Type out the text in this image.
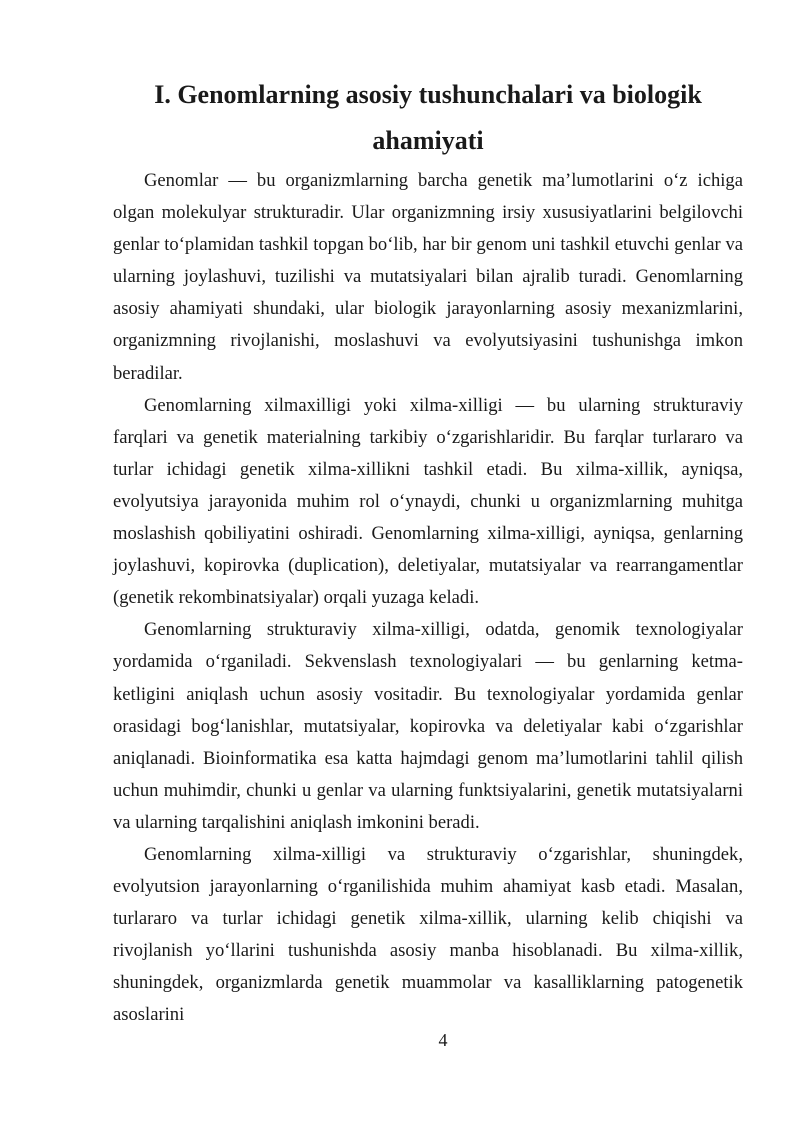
I. Genomlarning asosiy tushunchalari va biologik ahamiyati

Genomlar — bu organizmlarning barcha genetik ma’lumotlarini o‘z ichiga olgan molekulyar strukturadir. Ular organizmning irsiy xususiyatlarini belgilovchi genlar to‘plamidan tashkil topgan bo‘lib, har bir genom uni tashkil etuvchi genlar va ularning joylashuvi, tuzilishi va mutatsiyalari bilan ajralib turadi. Genomlarning asosiy ahamiyati shundaki, ular biologik jarayonlarning asosiy mexanizmlarini, organizmning rivojlanishi, moslashuvi va evolyutsiyasini tushunishga imkon beradilar.

Genomlarning xilmaxilligi yoki xilma-xilligi — bu ularning strukturaviy farqlari va genetik materialning tarkibiy o‘zgarishlaridir. Bu farqlar turlararo va turlar ichidagi genetik xilma-xillikni tashkil etadi. Bu xilma-xillik, ayniqsa, evolyutsiya jarayonida muhim rol o‘ynaydi, chunki u organizmlarning muhitga moslashish qobiliyatini oshiradi. Genomlarning xilma-xilligi, ayniqsa, genlarning joylashuvi, kopirovka (duplication), deletiyalar, mutatsiyalar va rearrangamentlar (genetik rekombinatsiyalar) orqali yuzaga keladi.

Genomlarning strukturaviy xilma-xilligi, odatda, genomik texnologiyalar yordamida o‘rganiladi. Sekvenslash texnologiyalari — bu genlarning ketma-ketligini aniqlash uchun asosiy vositadir. Bu texnologiyalar yordamida genlar orasidagi bog‘lanishlar, mutatsiyalar, kopirovka va deletiyalar kabi o‘zgarishlar aniqlanadi. Bioinformatika esa katta hajmdagi genom ma’lumotlarini tahlil qilish uchun muhimdir, chunki u genlar va ularning funktsiyalarini, genetik mutatsiyalarni va ularning tarqalishini aniqlash imkonini beradi.

Genomlarning xilma-xilligi va strukturaviy o‘zgarishlar, shuningdek, evolyutsion jarayonlarning o‘rganilishida muhim ahamiyat kasb etadi. Masalan, turlararo va turlar ichidagi genetik xilma-xillik, ularning kelib chiqishi va rivojlanish yo‘llarini tushunishda asosiy manba hisoblanadi. Bu xilma-xillik, shuningdek, organizmlarda genetik muammolar va kasalliklarning patogenetik asoslarini

4
